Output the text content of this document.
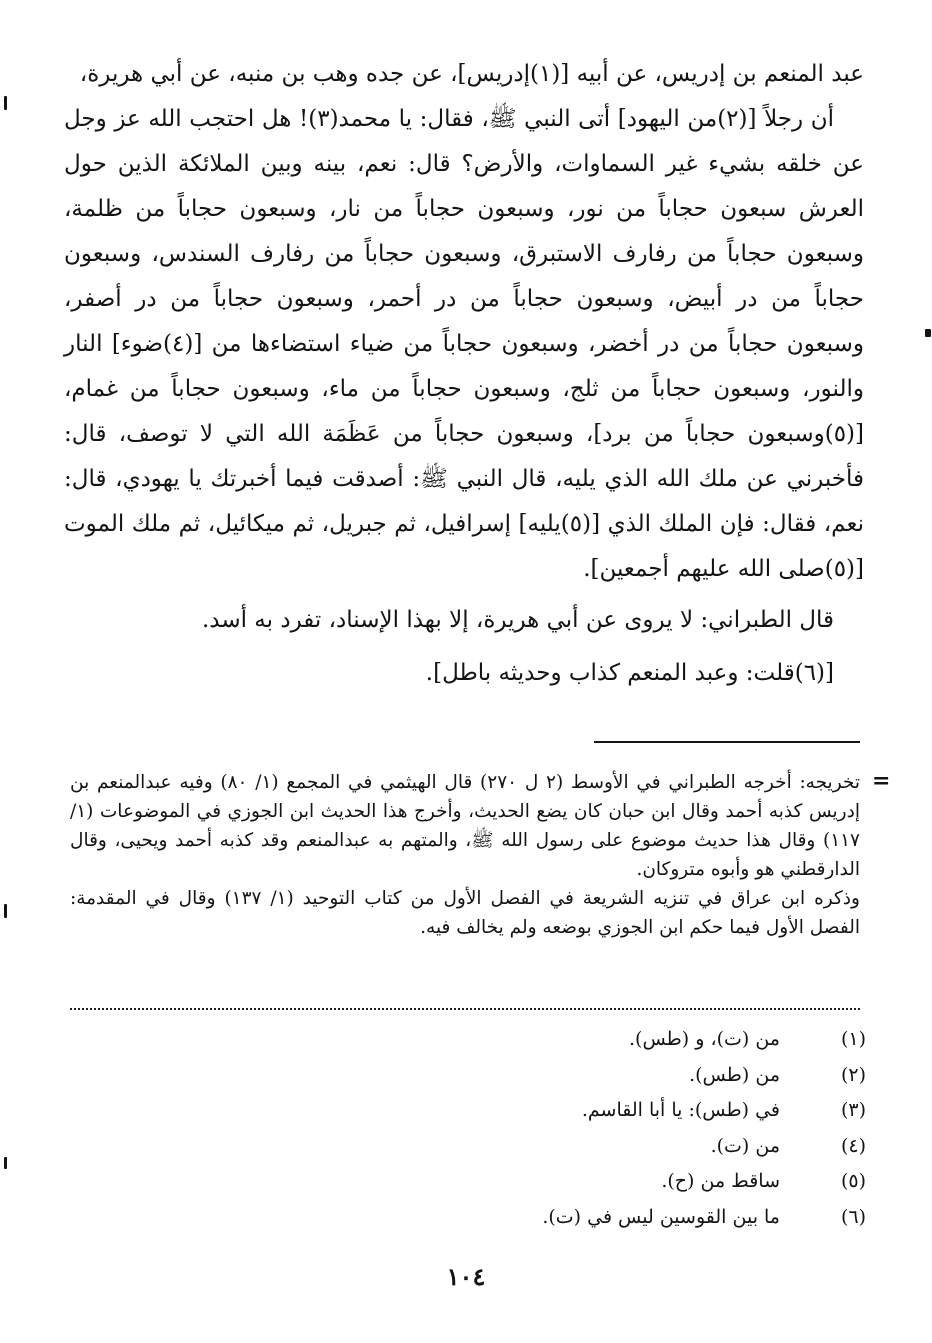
عبد المنعم بن إدريس، عن أبيه [(١)إدريس]، عن جده وهب بن منبه، عن أبي هريرة،

أن رجلاً [(٢)من اليهود] أتى النبي ﷺ، فقال: يا محمد(٣)! هل احتجب الله عز وجل عن خلقه بشيء غير السماوات، والأرض؟ قال: نعم، بينه وبين الملائكة الذين حول العرش سبعون حجاباً من نور، وسبعون حجاباً من نار، وسبعون حجاباً من ظلمة، وسبعون حجاباً من رفارف الاستبرق، وسبعون حجاباً من رفارف السندس، وسبعون حجاباً من در أبيض، وسبعون حجاباً من در أحمر، وسبعون حجاباً من در أصفر، وسبعون حجاباً من در أخضر، وسبعون حجاباً من ضياء استضاءها من [(٤)ضوء] النار والنور، وسبعون حجاباً من ثلج، وسبعون حجاباً من ماء، وسبعون حجاباً من غمام، [(٥)وسبعون حجاباً من برد]، وسبعون حجاباً من عَظَمَة الله التي لا توصف، قال: فأخبرني عن ملك الله الذي يليه، قال النبي ﷺ: أصدقت فيما أخبرتك يا يهودي، قال: نعم، فقال: فإن الملك الذي [(٥)يليه] إسرافيل، ثم جبريل، ثم ميكائيل، ثم ملك الموت [(٥)صلى الله عليهم أجمعين].

قال الطبراني: لا يروى عن أبي هريرة، إلا بهذا الإسناد، تفرد به أسد.

[(٦)قلت: وعبد المنعم كذاب وحديثه باطل].

تخريجه: أخرجه الطبراني في الأوسط (٢ ل ٢٧٠) قال الهيثمي في المجمع (١/ ٨٠) وفيه عبدالمنعم بن إدريس كذبه أحمد وقال ابن حبان كان يضع الحديث، وأخرج هذا الحديث ابن الجوزي في الموضوعات (١/ ١١٧) وقال هذا حديث موضوع على رسول الله ﷺ، والمتهم به عبدالمنعم وقد كذبه أحمد ويحيى، وقال الدارقطني هو وأبوه متروكان.

وذكره ابن عراق في تنزيه الشريعة في الفصل الأول من كتاب التوحيد (١/ ١٣٧) وقال في المقدمة: الفصل الأول فيما حكم ابن الجوزي بوضعه ولم يخالف فيه.

(١)
من (ت)، و (طس).
(٢)
من (طس).
(٣)
في (طس): يا أبا القاسم.
(٤)
من (ت).
(٥)
ساقط من (ح).
(٦)
ما بين القوسين ليس في (ت).
١٠٤
=
